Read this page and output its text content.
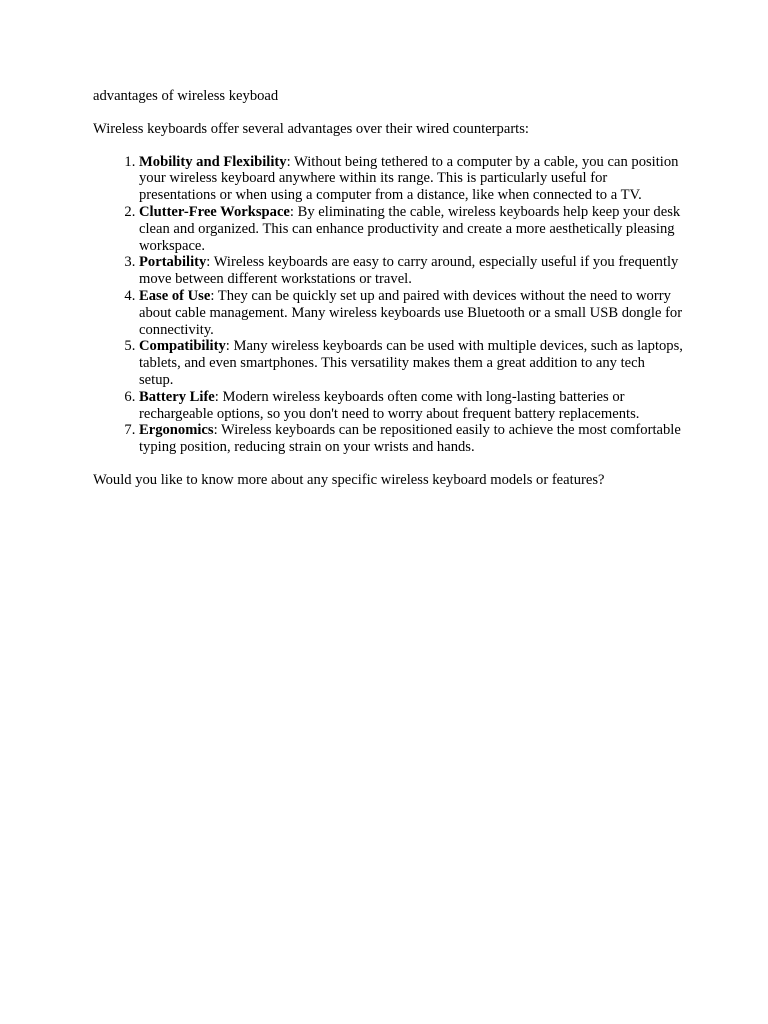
advantages of wireless keyboad

Wireless keyboards offer several advantages over their wired counterparts:

1. Mobility and Flexibility: Without being tethered to a computer by a cable, you can position your wireless keyboard anywhere within its range. This is particularly useful for presentations or when using a computer from a distance, like when connected to a TV.
2. Clutter-Free Workspace: By eliminating the cable, wireless keyboards help keep your desk clean and organized. This can enhance productivity and create a more aesthetically pleasing workspace.
3. Portability: Wireless keyboards are easy to carry around, especially useful if you frequently move between different workstations or travel.
4. Ease of Use: They can be quickly set up and paired with devices without the need to worry about cable management. Many wireless keyboards use Bluetooth or a small USB dongle for connectivity.
5. Compatibility: Many wireless keyboards can be used with multiple devices, such as laptops, tablets, and even smartphones. This versatility makes them a great addition to any tech setup.
6. Battery Life: Modern wireless keyboards often come with long-lasting batteries or rechargeable options, so you don't need to worry about frequent battery replacements.
7. Ergonomics: Wireless keyboards can be repositioned easily to achieve the most comfortable typing position, reducing strain on your wrists and hands.

Would you like to know more about any specific wireless keyboard models or features?
